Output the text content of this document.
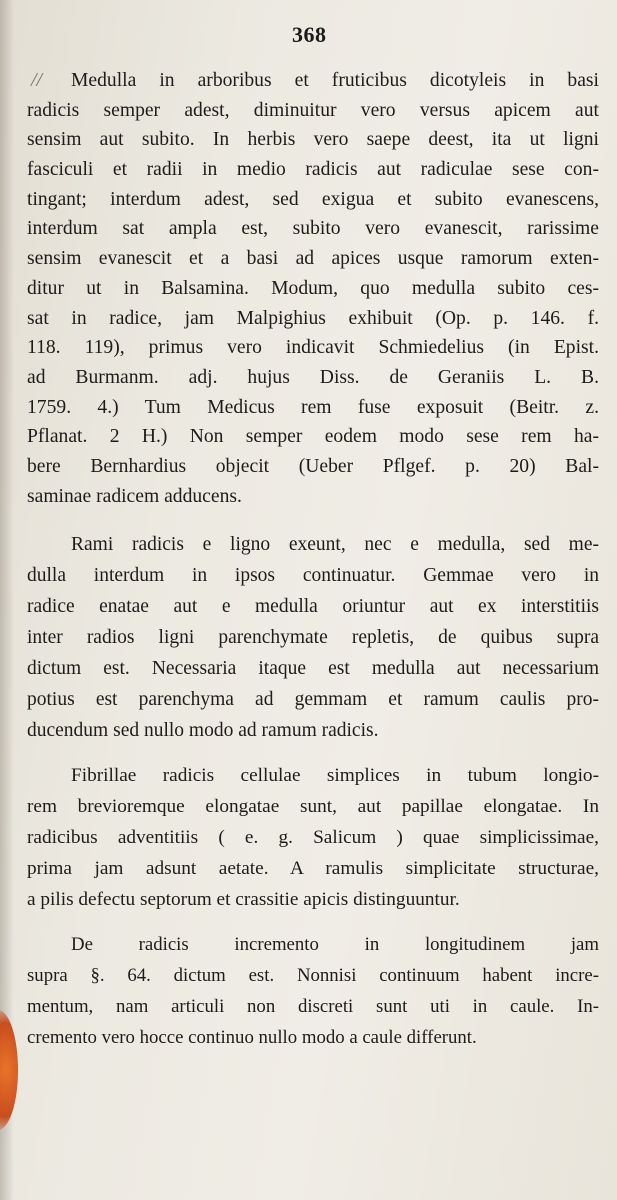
368
//	Medulla in arboribus et fruticibus dicotyleis in basi
radicis semper adest, diminuitur vero versus apicem aut
sensim aut subito. In herbis vero saepe deest, ita ut ligni
fasciculi et radii in medio radicis aut radiculae sese con-
tingant; interdum adest, sed exigua et subito evanescens,
interdum sat ampla est, subito vero evanescit, rarissime
sensim evanescit et a basi ad apices usque ramorum exten-
ditur ut in Balsamina. Modum, quo medulla subito ces-
sat in radice, jam Malpighius exhibuit (Op. p. 146. f.
118. 119), primus vero indicavit Schmiedelius (in Epist.
ad Burmanm. adj. hujus Diss. de Geraniis L. B.
1759. 4.) Tum Medicus rem fuse exposuit (Beitr. z.
Pflanat. 2 H.) Non semper eodem modo sese rem ha-
bere Bernhardius objecit (Ueber Pflgef. p. 20) Bal-
saminae radicem adducens.
Rami radicis e ligno exeunt, nec e medulla, sed me-
dulla interdum in ipsos continuatur. Gemmae vero in
radice enatae aut e medulla oriuntur aut ex interstitiis
inter radios ligni parenchymate repletis, de quibus supra
dictum est. Necessaria itaque est medulla aut necessarium
potius est parenchyma ad gemmam et ramum caulis pro-
ducendum sed nullo modo ad ramum radicis.
Fibrillae radicis cellulae simplices in tubum longio-
rem brevioremque elongatae sunt, aut papillae elongatae. In
radicibus adventitiis ( e. g. Salicum ) quae simplicissimae,
prima jam adsunt aetate. A ramulis simplicitate structurae,
a pilis defectu septorum et crassitie apicis distinguuntur.
De radicis incremento in longitudinem jam
supra §. 64. dictum est. Nonnisi continuum habent incre-
mentum, nam articuli non discreti sunt uti in caule. In-
cremento vero hocce continuo nullo modo a caule differunt.
